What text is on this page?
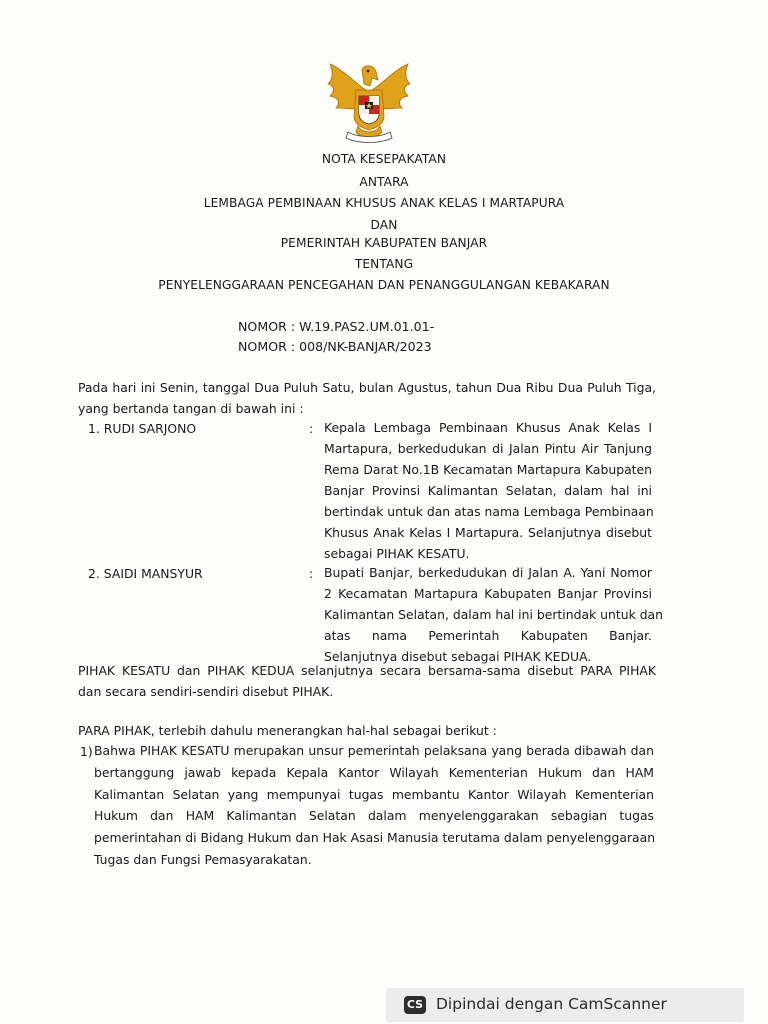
NOTA KESEPAKATAN
ANTARA
LEMBAGA PEMBINAAN KHUSUS ANAK KELAS I MARTAPURA
DAN
PEMERINTAH KABUPATEN BANJAR
TENTANG
PENYELENGGARAAN PENCEGAHAN DAN PENANGGULANGAN KEBAKARAN
NOMOR : W.19.PAS2.UM.01.01-
NOMOR : 008/NK-BANJAR/2023
Pada hari ini Senin, tanggal Dua Puluh Satu, bulan Agustus, tahun Dua Ribu Dua Puluh Tiga,
yang bertanda tangan di bawah ini :
1. RUDI SARJONO	: Kepala Lembaga Pembinaan Khusus Anak Kelas I
Martapura, berkedudukan di Jalan Pintu Air Tanjung
Rema Darat No.1B Kecamatan Martapura Kabupaten
Banjar Provinsi Kalimantan Selatan, dalam hal ini
bertindak untuk dan atas nama Lembaga Pembinaan
Khusus Anak Kelas I Martapura. Selanjutnya disebut
sebagai PIHAK KESATU.
2. SAIDI MANSYUR	: Bupati Banjar, berkedudukan di Jalan A. Yani Nomor
2 Kecamatan Martapura Kabupaten Banjar Provinsi
Kalimantan Selatan, dalam hal ini bertindak untuk dan
atas nama Pemerintah Kabupaten Banjar.
Selanjutnya disebut sebagai PIHAK KEDUA.
PIHAK KESATU dan PIHAK KEDUA selanjutnya secara bersama-sama disebut PARA PIHAK
dan secara sendiri-sendiri disebut PIHAK.
PARA PIHAK, terlebih dahulu menerangkan hal-hal sebagai berikut :
1) Bahwa PIHAK KESATU merupakan unsur pemerintah pelaksana yang berada dibawah dan
bertanggung jawab kepada Kepala Kantor Wilayah Kementerian Hukum dan HAM
Kalimantan Selatan yang mempunyai tugas membantu Kantor Wilayah Kementerian
Hukum dan HAM Kalimantan Selatan dalam menyelenggarakan sebagian tugas
pemerintahan di Bidang Hukum dan Hak Asasi Manusia terutama dalam penyelenggaraan
Tugas dan Fungsi Pemasyarakatan.
CS Dipindai dengan CamScanner
